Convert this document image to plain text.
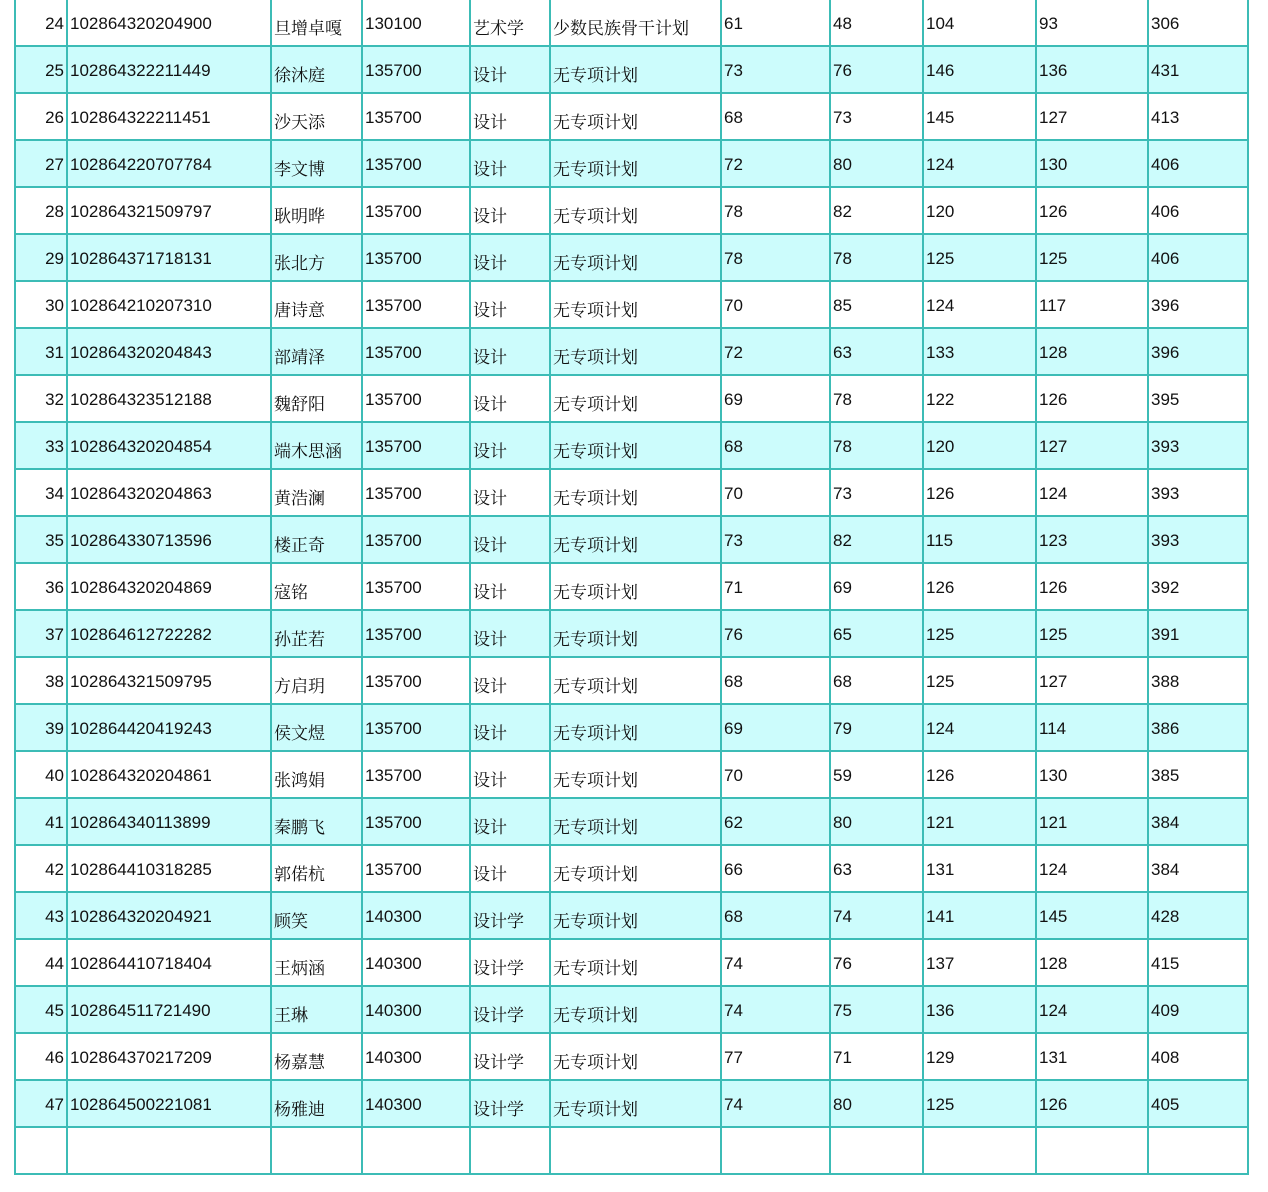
24	102864320204900	旦增卓嘎	130100	艺术学	少数民族骨干计划	61	48	104	93	306
25	102864322211449	徐沐庭	135700	设计	无专项计划	73	76	146	136	431
26	102864322211451	沙天添	135700	设计	无专项计划	68	73	145	127	413
27	102864220707784	李文博	135700	设计	无专项计划	72	80	124	130	406
28	102864321509797	耿明晔	135700	设计	无专项计划	78	82	120	126	406
29	102864371718131	张北方	135700	设计	无专项计划	78	78	125	125	406
30	102864210207310	唐诗意	135700	设计	无专项计划	70	85	124	117	396
31	102864320204843	部靖泽	135700	设计	无专项计划	72	63	133	128	396
32	102864323512188	魏舒阳	135700	设计	无专项计划	69	78	122	126	395
33	102864320204854	端木思涵	135700	设计	无专项计划	68	78	120	127	393
34	102864320204863	黄浩澜	135700	设计	无专项计划	70	73	126	124	393
35	102864330713596	楼正奇	135700	设计	无专项计划	73	82	115	123	393
36	102864320204869	寇铭	135700	设计	无专项计划	71	69	126	126	392
37	102864612722282	孙芷若	135700	设计	无专项计划	76	65	125	125	391
38	102864321509795	方启玥	135700	设计	无专项计划	68	68	125	127	388
39	102864420419243	侯文煜	135700	设计	无专项计划	69	79	124	114	386
40	102864320204861	张鸿娟	135700	设计	无专项计划	70	59	126	130	385
41	102864340113899	秦鹏飞	135700	设计	无专项计划	62	80	121	121	384
42	102864410318285	郭偌杭	135700	设计	无专项计划	66	63	131	124	384
43	102864320204921	顾笑	140300	设计学	无专项计划	68	74	141	145	428
44	102864410718404	王炳涵	140300	设计学	无专项计划	74	76	137	128	415
45	102864511721490	王琳	140300	设计学	无专项计划	74	75	136	124	409
46	102864370217209	杨嘉慧	140300	设计学	无专项计划	77	71	129	131	408
47	102864500221081	杨雅迪	140300	设计学	无专项计划	74	80	125	126	405
